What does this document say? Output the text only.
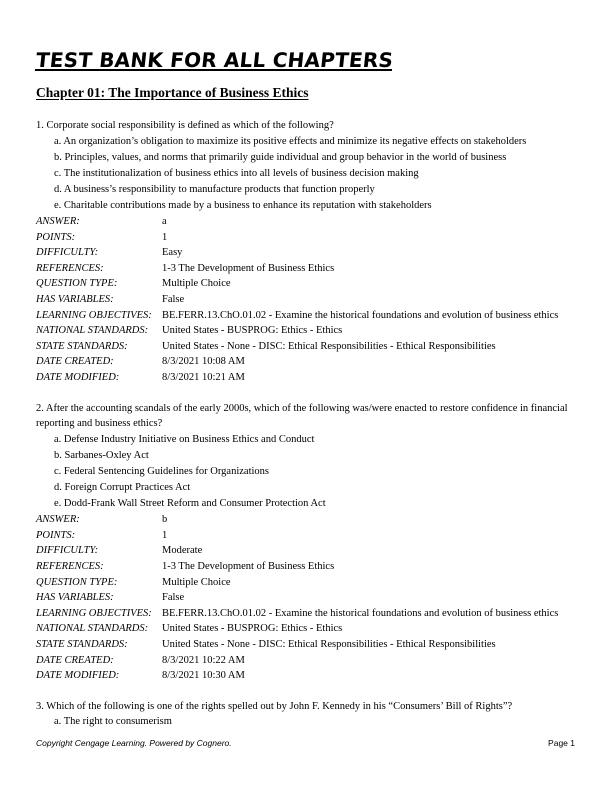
TEST BANK FOR ALL CHAPTERS
Chapter 01: The Importance of Business Ethics

1. Corporate social responsibility is defined as which of the following?

a. An organization’s obligation to maximize its positive effects and minimize its negative effects on stakeholders
b. Principles, values, and norms that primarily guide individual and group behavior in the world of business
c. The institutionalization of business ethics into all levels of business decision making
d. A business’s responsibility to manufacture products that function properly
e. Charitable contributions made by a business to enhance its reputation with stakeholders
ANSWER:	a
POINTS:	1
DIFFICULTY:	Easy
REFERENCES:	1-3 The Development of Business Ethics
QUESTION TYPE:	Multiple Choice
HAS VARIABLES:	False
LEARNING OBJECTIVES: BE.FERR.13.ChO.01.02 - Examine the historical foundations and evolution of business ethics
NATIONAL STANDARDS:	United States - BUSPROG: Ethics - Ethics
STATE STANDARDS:	United States - None - DISC: Ethical Responsibilities - Ethical Responsibilities
DATE CREATED:	8/3/2021 10:08 AM
DATE MODIFIED:	8/3/2021 10:21 AM

2. After the accounting scandals of the early 2000s, which of the following was/were enacted to restore confidence in financial reporting and business ethics?

a. Defense Industry Initiative on Business Ethics and Conduct
b. Sarbanes-Oxley Act
c. Federal Sentencing Guidelines for Organizations
d. Foreign Corrupt Practices Act
e. Dodd-Frank Wall Street Reform and Consumer Protection Act
ANSWER:	b
POINTS:	1
DIFFICULTY:	Moderate
REFERENCES:	1-3 The Development of Business Ethics
QUESTION TYPE:	Multiple Choice
HAS VARIABLES:	False
LEARNING OBJECTIVES: BE.FERR.13.ChO.01.02 - Examine the historical foundations and evolution of business ethics
NATIONAL STANDARDS:	United States - BUSPROG: Ethics - Ethics
STATE STANDARDS:	United States - None - DISC: Ethical Responsibilities - Ethical Responsibilities
DATE CREATED:	8/3/2021 10:22 AM
DATE MODIFIED:	8/3/2021 10:30 AM

3. Which of the following is one of the rights spelled out by John F. Kennedy in his “Consumers’ Bill of Rights”?

a. The right to consumerism
Copyright Cengage Learning. Powered by Cognero.	Page 1
